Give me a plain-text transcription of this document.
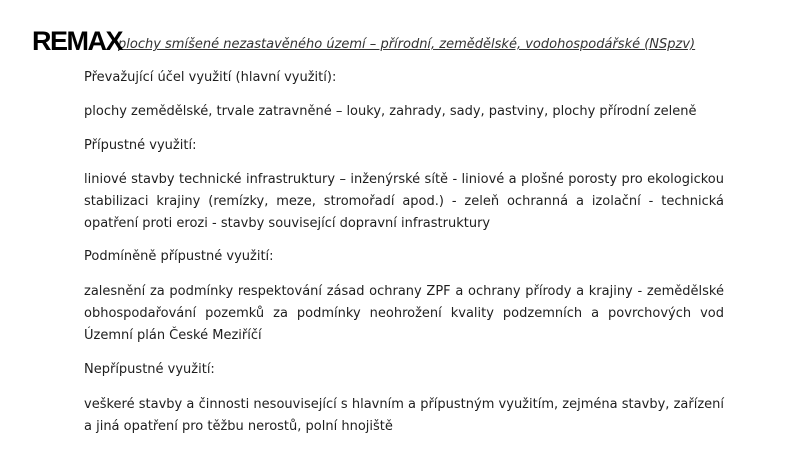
REMAX
plochy smíšené nezastavěného území – přírodní, zemědělské, vodohospodářské (NSpzv)
Převažující účel využití (hlavní využití):
plochy zemědělské, trvale zatravněné – louky, zahrady, sady, pastviny, plochy přírodní zeleně
Přípustné využití:
liniové stavby technické infrastruktury – inženýrské sítě - liniové a plošné porosty pro ekologickou stabilizaci krajiny (remízky, meze, stromořadí apod.) - zeleň ochranná a izolační - technická opatření proti erozi - stavby související dopravní infrastruktury
Podmíněně přípustné využití:
zalesnění za podmínky respektování zásad ochrany ZPF a ochrany přírody a krajiny - zemědělské obhospodařování pozemků za podmínky neohrožení kvality podzemních a povrchových vod Územní plán České Meziříčí
Nepřípustné využití:
veškeré stavby a činnosti nesouvisející s hlavním a přípustným využitím, zejména stavby, zařízení a jiná opatření pro těžbu nerostů, polní hnojiště
